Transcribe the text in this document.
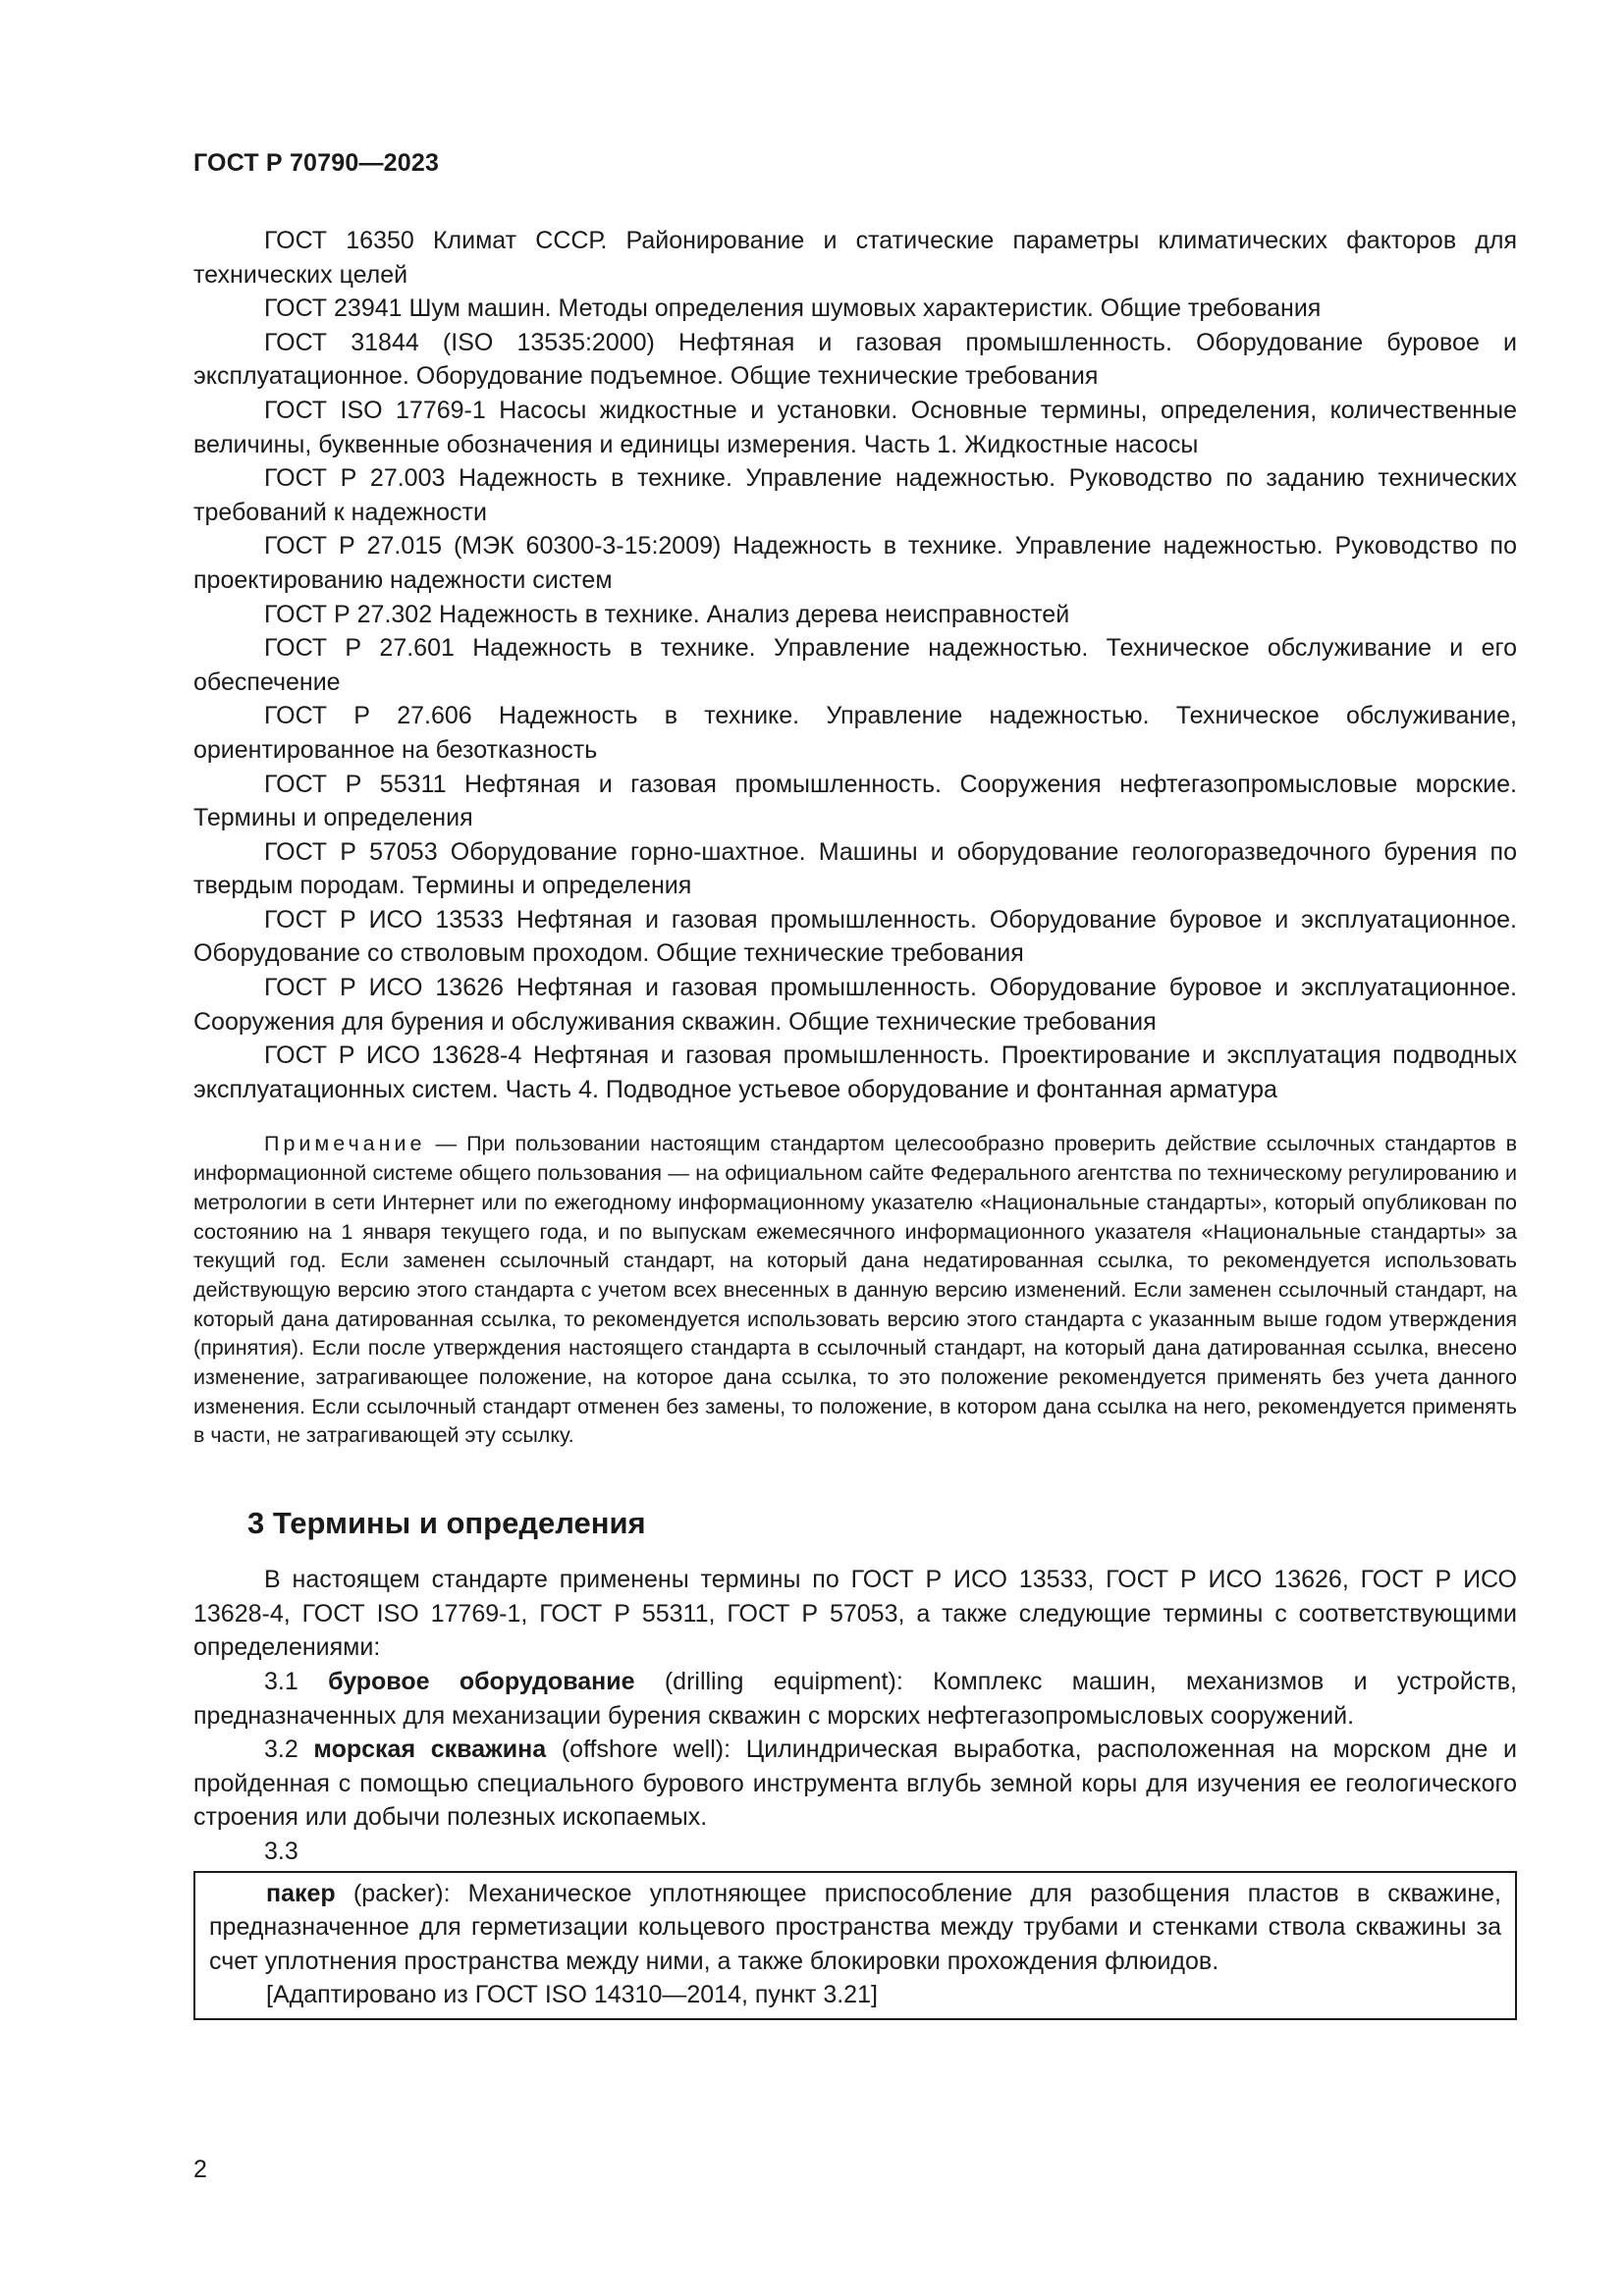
ГОСТ Р 70790—2023

ГОСТ 16350 Климат СССР. Районирование и статические параметры климатических факторов для технических целей

ГОСТ 23941 Шум машин. Методы определения шумовых характеристик. Общие требования

ГОСТ 31844 (ISO 13535:2000) Нефтяная и газовая промышленность. Оборудование буровое и эксплуатационное. Оборудование подъемное. Общие технические требования

ГОСТ ISO 17769-1 Насосы жидкостные и установки. Основные термины, определения, количественные величины, буквенные обозначения и единицы измерения. Часть 1. Жидкостные насосы

ГОСТ Р 27.003 Надежность в технике. Управление надежностью. Руководство по заданию технических требований к надежности

ГОСТ Р 27.015 (МЭК 60300-3-15:2009) Надежность в технике. Управление надежностью. Руководство по проектированию надежности систем

ГОСТ Р 27.302 Надежность в технике. Анализ дерева неисправностей

ГОСТ Р 27.601 Надежность в технике. Управление надежностью. Техническое обслуживание и его обеспечение

ГОСТ Р 27.606 Надежность в технике. Управление надежностью. Техническое обслуживание, ориентированное на безотказность

ГОСТ Р 55311 Нефтяная и газовая промышленность. Сооружения нефтегазопромысловые морские. Термины и определения

ГОСТ Р 57053 Оборудование горно-шахтное. Машины и оборудование геологоразведочного бурения по твердым породам. Термины и определения

ГОСТ Р ИСО 13533 Нефтяная и газовая промышленность. Оборудование буровое и эксплуатационное. Оборудование со стволовым проходом. Общие технические требования

ГОСТ Р ИСО 13626 Нефтяная и газовая промышленность. Оборудование буровое и эксплуатационное. Сооружения для бурения и обслуживания скважин. Общие технические требования

ГОСТ Р ИСО 13628-4 Нефтяная и газовая промышленность. Проектирование и эксплуатация подводных эксплуатационных систем. Часть 4. Подводное устьевое оборудование и фонтанная арматура

Примечание — При пользовании настоящим стандартом целесообразно проверить действие ссылочных стандартов в информационной системе общего пользования — на официальном сайте Федерального агентства по техническому регулированию и метрологии в сети Интернет или по ежегодному информационному указателю «Национальные стандарты», который опубликован по состоянию на 1 января текущего года, и по выпускам ежемесячного информационного указателя «Национальные стандарты» за текущий год. Если заменен ссылочный стандарт, на который дана недатированная ссылка, то рекомендуется использовать действующую версию этого стандарта с учетом всех внесенных в данную версию изменений. Если заменен ссылочный стандарт, на который дана датированная ссылка, то рекомендуется использовать версию этого стандарта с указанным выше годом утверждения (принятия). Если после утверждения настоящего стандарта в ссылочный стандарт, на который дана датированная ссылка, внесено изменение, затрагивающее положение, на которое дана ссылка, то это положение рекомендуется применять без учета данного изменения. Если ссылочный стандарт отменен без замены, то положение, в котором дана ссылка на него, рекомендуется применять в части, не затрагивающей эту ссылку.

3 Термины и определения

В настоящем стандарте применены термины по ГОСТ Р ИСО 13533, ГОСТ Р ИСО 13626, ГОСТ Р ИСО 13628-4, ГОСТ ISO 17769-1, ГОСТ Р 55311, ГОСТ Р 57053, а также следующие термины с соответствующими определениями:

3.1 буровое оборудование (drilling equipment): Комплекс машин, механизмов и устройств, предназначенных для механизации бурения скважин с морских нефтегазопромысловых сооружений.

3.2 морская скважина (offshore well): Цилиндрическая выработка, расположенная на морском дне и пройденная с помощью специального бурового инструмента вглубь земной коры для изучения ее геологического строения или добычи полезных ископаемых.

3.3

пакер (packer): Механическое уплотняющее приспособление для разобщения пластов в скважине, предназначенное для герметизации кольцевого пространства между трубами и стенками ствола скважины за счет уплотнения пространства между ними, а также блокировки прохождения флюидов.

[Адаптировано из ГОСТ ISO 14310—2014, пункт 3.21]

2
